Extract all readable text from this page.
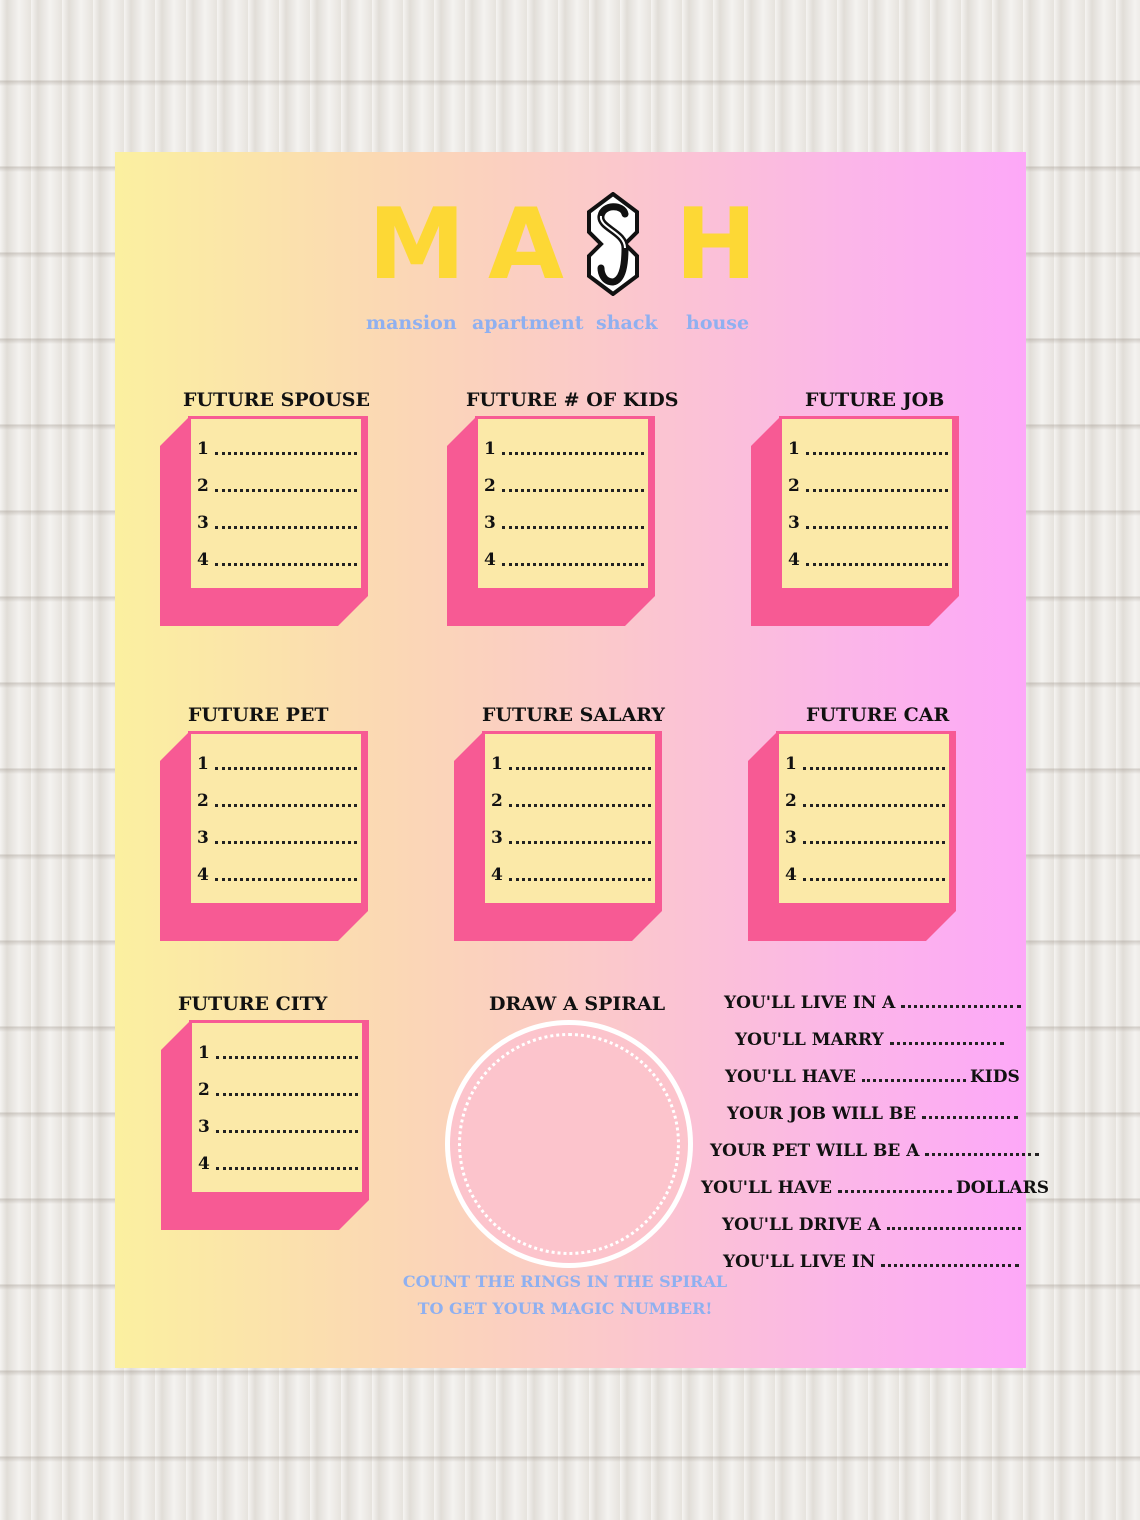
M A H
mansion apartment shack house
FUTURE SPOUSE	FUTURE # OF KIDS	FUTURE JOB
FUTURE PET	FUTURE SALARY	FUTURE CAR
FUTURE CITY	DRAW A SPIRAL
1
2
3
4
1
2
3
4
1
2
3
4
1
2
3
4
1
2
3
4
1
2
3
4
1
2
3
4
COUNT THE RINGS IN THE SPIRAL
TO GET YOUR MAGIC NUMBER!
YOU'LL LIVE IN A
YOU'LL MARRY
YOU'LL HAVE	KIDS
YOUR JOB WILL BE
YOUR PET WILL BE A
YOU'LL HAVE	DOLLARS
YOU'LL DRIVE A
YOU'LL LIVE IN
